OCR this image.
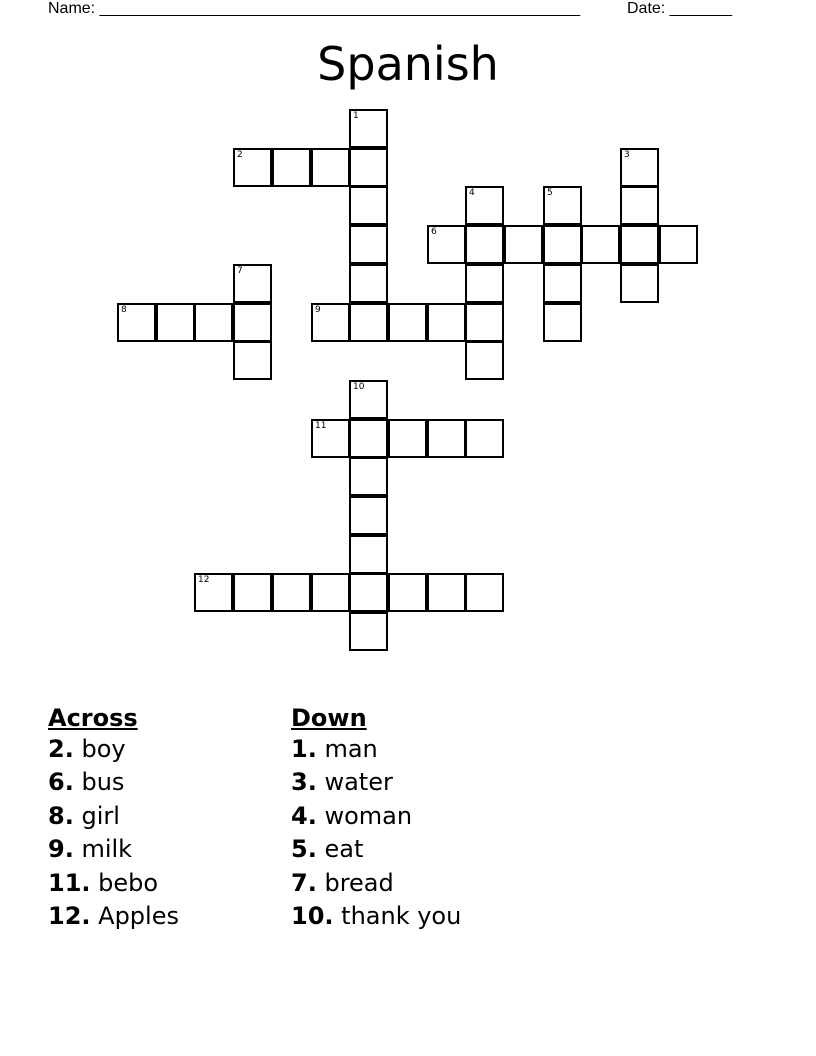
Name: ______________________________________________________	Date: _______
Spanish
1
2	3
4	5
6
7
8	9
10
11
12
Across
2. boy
6. bus
8. girl
9. milk
11. bebo
12. Apples
Down
1. man
3. water
4. woman
5. eat
7. bread
10. thank you
